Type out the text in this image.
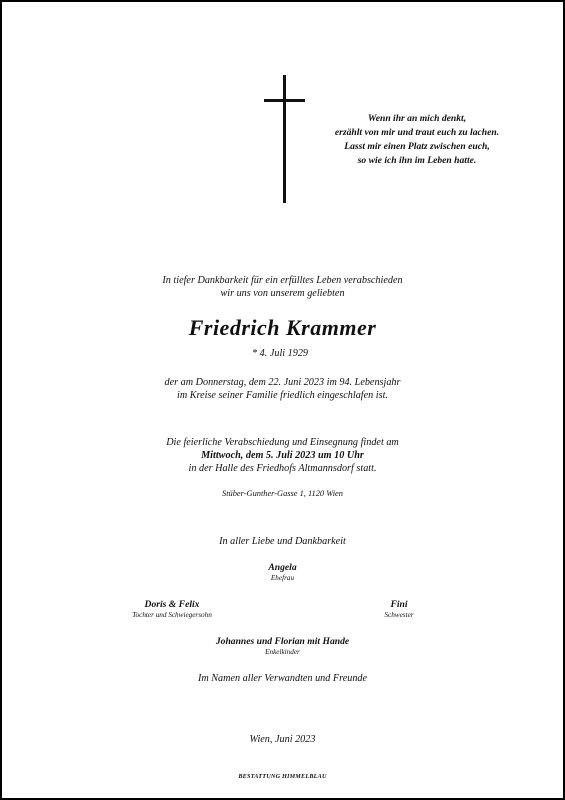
Wenn ihr an mich denkt,
erzählt von mir und traut euch zu lachen.
Lasst mir einen Platz zwischen euch,
so wie ich ihn im Leben hatte.
In tiefer Dankbarkeit für ein erfülltes Leben verabschieden
wir uns von unserem geliebten
Friedrich Krammer
* 4. Juli 1929
der am Donnerstag, dem 22. Juni 2023 im 94. Lebensjahr
im Kreise seiner Familie friedlich eingeschlafen ist.
Die feierliche Verabschiedung und Einsegnung findet am
Mittwoch, dem 5. Juli 2023 um 10 Uhr
in der Halle des Friedhofs Altmannsdorf statt.
Stüber-Gunther-Gasse 1, 1120 Wien
In aller Liebe und Dankbarkeit
Angela
Ehefrau
Doris & Felix
Tochter und Schwiegersohn
Fini
Schwester
Johannes und Florian mit Hande
Enkelkinder
Im Namen aller Verwandten und Freunde
Wien, Juni 2023
BESTATTUNG HIMMELBLAU
